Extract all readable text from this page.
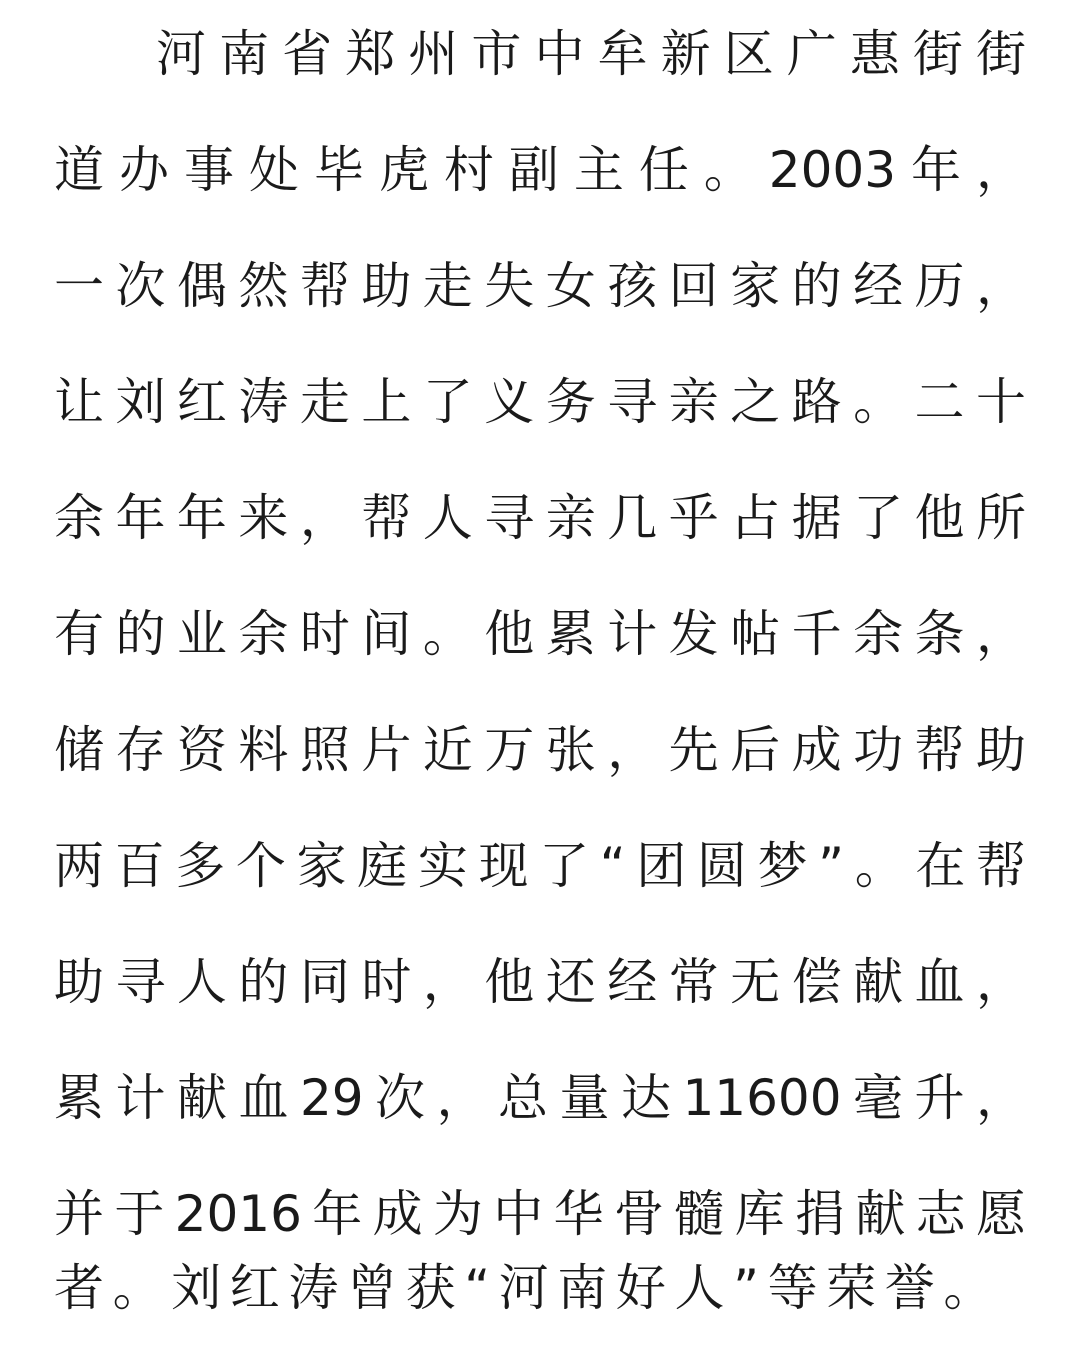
河南省郑州市中牟新区广惠街街
道办事处毕虎村副主任。2003年，
一次偶然帮助走失女孩回家的经历，
让刘红涛走上了义务寻亲之路。二十
余年年来，帮人寻亲几乎占据了他所
有的业余时间。他累计发帖千余条，
储存资料照片近万张，先后成功帮助
两百多个家庭实现了“团圆梦”。在帮
助寻人的同时，他还经常无偿献血，
累计献血29次，总量达11600毫升，
并于2016年成为中华骨髓库捐献志愿
者。刘红涛曾获“河南好人”等荣誉。
